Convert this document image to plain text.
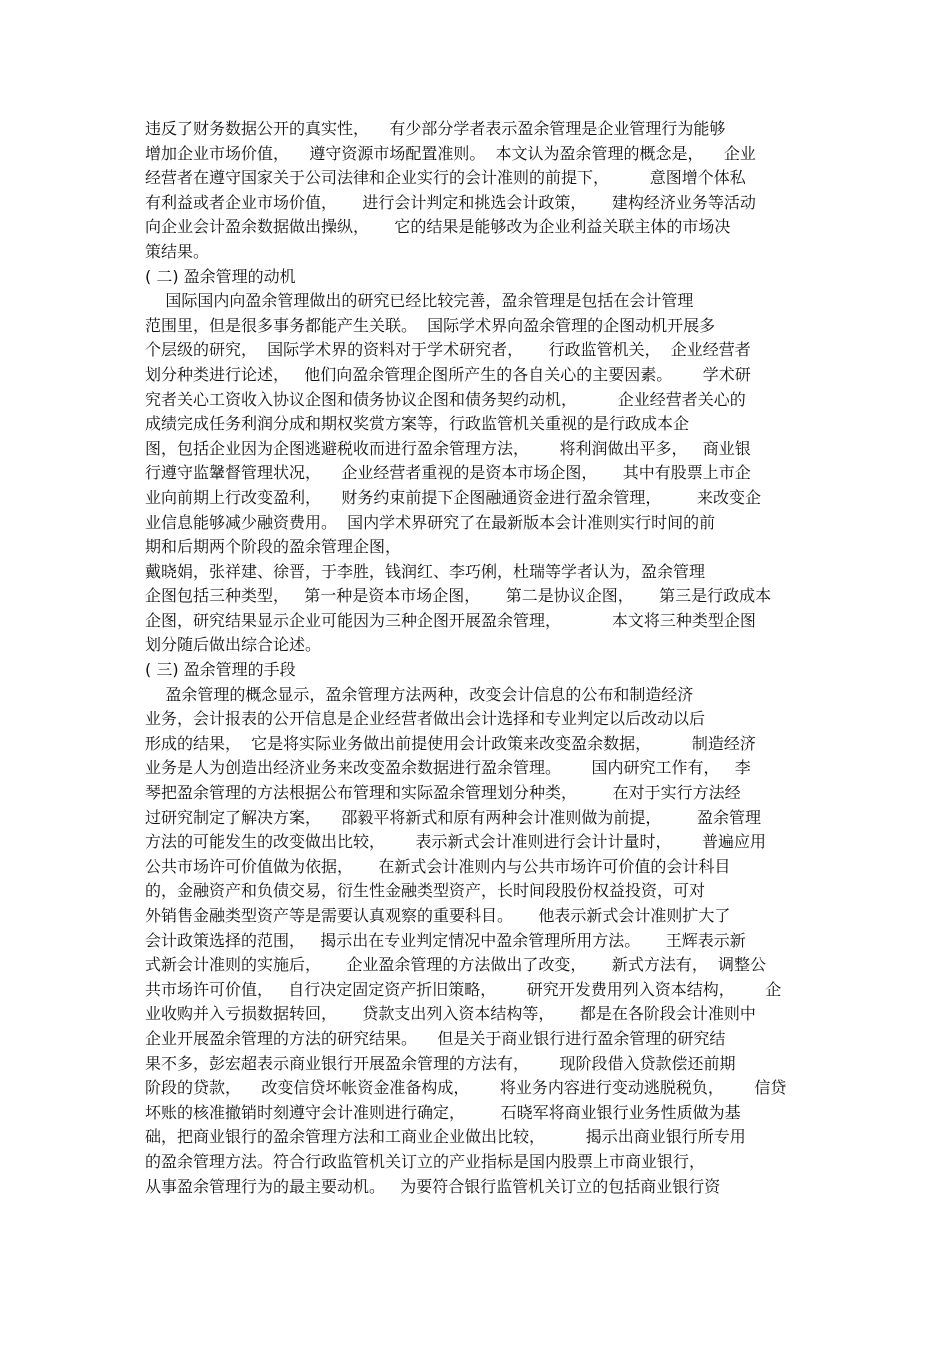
违反了财务数据公开的真实性，    有少部分学者表示盈余管理是企业管理行为能够
增加企业市场价值，    遵守资源市场配置准则。  本文认为盈余管理的概念是，    企业
经营者在遵守国家关于公司法律和企业实行的会计准则的前提下，        意图增个体私
有利益或者企业市场价值，     进行会计判定和挑选会计政策，     建构经济业务等活动
向企业会计盈余数据做出操纵，     它的结果是能够改为企业利益关联主体的市场决
策结果。
( 二) 盈余管理的动机
国际国内向盈余管理做出的研究已经比较完善，盈余管理是包括在会计管理
范围里，但是很多事务都能产生关联。  国际学术界向盈余管理的企图动机开展多
个层级的研究，  国际学术界的资料对于学术研究者，     行政监管机关，  企业经营者
划分种类进行论述，   他们向盈余管理企图所产生的各自关心的主要因素。      学术研
究者关心工资收入协议企图和债务协议企图和债务契约动机，        企业经营者关心的
成绩完成任务利润分成和期权奖赏方案等，行政监管机关重视的是行政成本企
图，包括企业因为企图逃避税收而进行盈余管理方法，      将利润做出平多，   商业银
行遵守监鞶督管理状况，    企业经营者重视的是资本市场企图，     其中有股票上市企
业向前期上行改变盈利，    财务约束前提下企图融通资金进行盈余管理，       来改变企
业信息能够减少融资费用。  国内学术界研究了在最新版本会计准则实行时间的前
期和后期两个阶段的盈余管理企图，
戴晓娟，张祥建、徐晋，于李胜，钱润红、李巧俐，杜瑞等学者认为，盈余管理
企图包括三种类型，   第一种是资本市场企图，     第二是协议企图，     第三是行政成本
企图，研究结果显示企业可能因为三种企图开展盈余管理，          本文将三种类型企图
划分随后做出综合论述。
( 三) 盈余管理的手段
盈余管理的概念显示，盈余管理方法两种，改变会计信息的公布和制造经济
业务，会计报表的公开信息是企业经营者做出会计选择和专业判定以后改动以后
形成的结果，  它是将实际业务做出前提使用会计政策来改变盈余数据，        制造经济
业务是人为创造出经济业务来改变盈余数据进行盈余管理。      国内研究工作有，   李
琴把盈余管理的方法根据公布管理和实际盈余管理划分种类，       在对于实行方法经
过研究制定了解决方案，    邵毅平将新式和原有两种会计准则做为前提，       盈余管理
方法的可能发生的改变做出比较，      表示新式会计准则进行会计计量时，      普遍应用
公共市场许可价值做为依据，     在新式会计准则内与公共市场许可价值的会计科目
的，金融资产和负债交易，衍生性金融类型资产，长时间段股份权益投资，可对
外销售金融类型资产等是需要认真观察的重要科目。     他表示新式会计准则扩大了
会计政策选择的范围，   揭示出在专业判定情况中盈余管理所用方法。     王辉表示新
式新会计准则的实施后，     企业盈余管理的方法做出了改变，     新式方法有，  调整公
共市场许可价值，   自行决定固定资产折旧策略，      研究开发费用列入资本结构，      企
业收购并入亏损数据转回，     贷款支出列入资本结构等，     都是在各阶段会计准则中
企业开展盈余管理的方法的研究结果。    但是关于商业银行进行盈余管理的研究结
果不多，彭宏超表示商业银行开展盈余管理的方法有，      现阶段借入贷款偿还前期
阶段的贷款，    改变信贷坏帐资金准备构成，      将业务内容进行变动逃脱税负，      信贷
坏账的核准撤销时刻遵守会计准则进行确定，       石晓军将商业银行业务性质做为基
础，把商业银行的盈余管理方法和工商业企业做出比较，        揭示出商业银行所专用
的盈余管理方法。符合行政监管机关订立的产业指标是国内股票上市商业银行，
从事盈余管理行为的最主要动机。   为要符合银行监管机关订立的包括商业银行资
